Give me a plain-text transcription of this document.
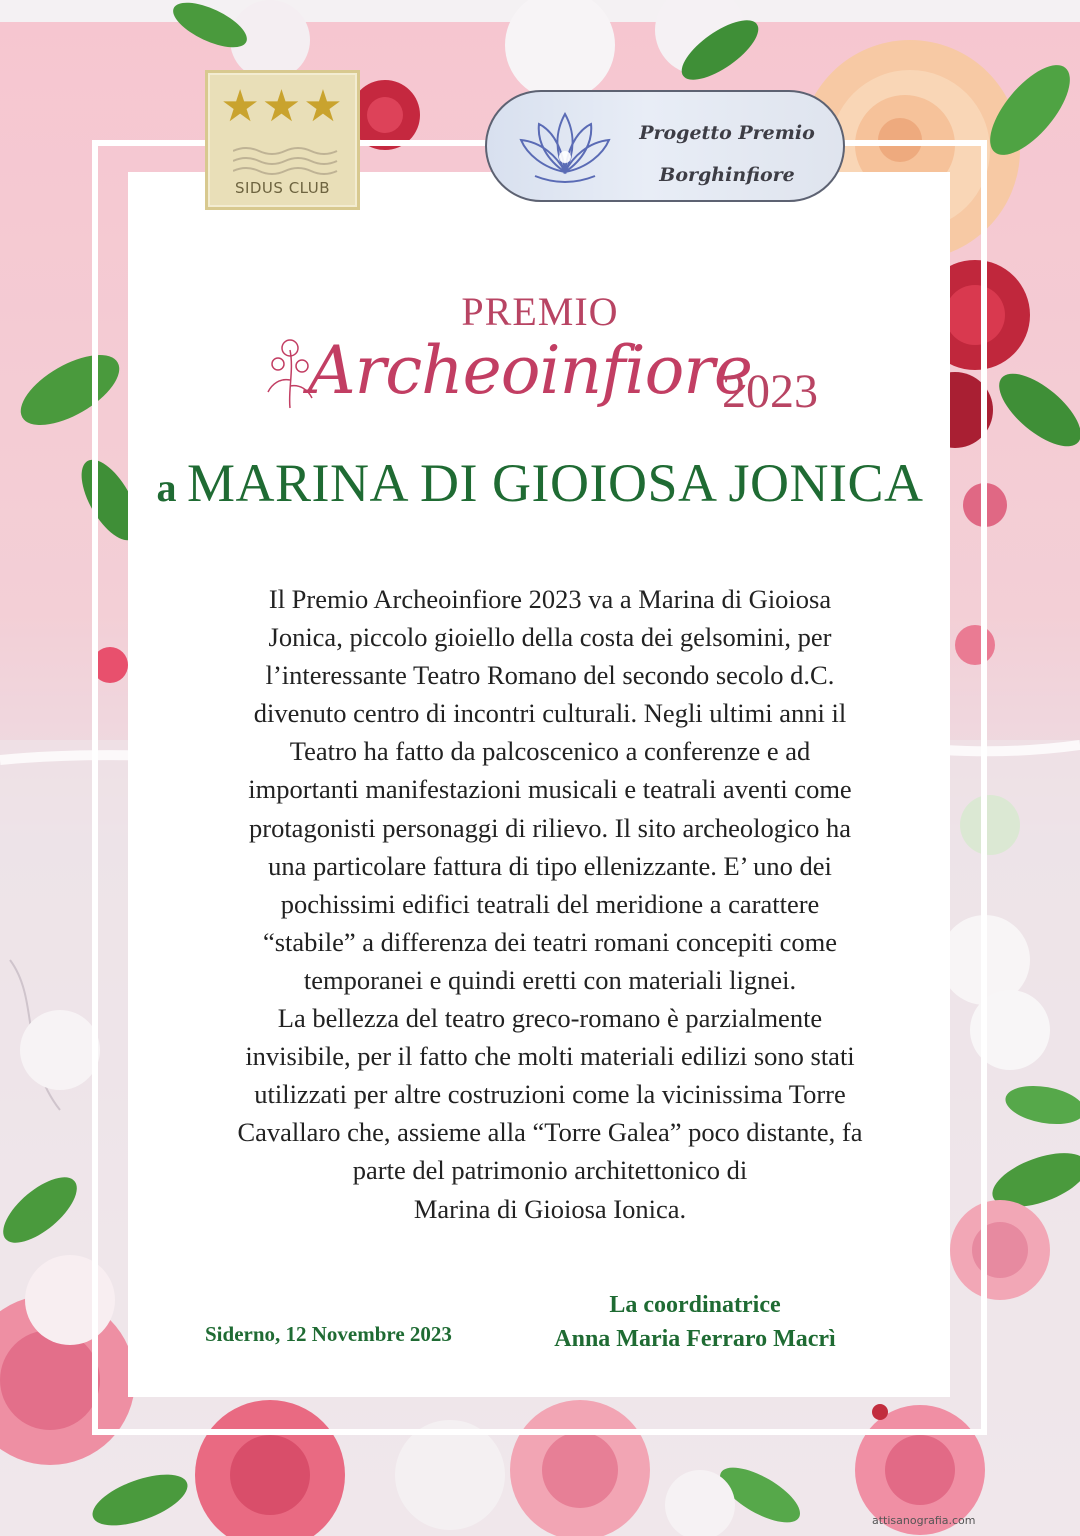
★★★
SIDUS CLUB
Progetto Premio
Borghinfiore
PREMIO
Archeoinfiore
2023
a MARINA DI GIOIOSA JONICA
Il Premio Archeoinfiore 2023 va a Marina di Gioiosa
Jonica, piccolo gioiello della costa dei gelsomini, per
l’interessante Teatro Romano del secondo secolo d.C.
divenuto centro di incontri culturali. Negli ultimi anni il
Teatro ha fatto da palcoscenico a conferenze e ad
importanti manifestazioni musicali e teatrali aventi come
protagonisti personaggi di rilievo. Il sito archeologico ha
una particolare fattura di tipo ellenizzante. E’ uno dei
pochissimi edifici teatrali del meridione a carattere
“stabile” a differenza dei teatri romani concepiti come
temporanei e quindi eretti con materiali lignei.
La bellezza del teatro greco-romano è parzialmente
invisibile, per il fatto che molti materiali edilizi sono stati
utilizzati per altre costruzioni come la vicinissima Torre
Cavallaro che, assieme alla “Torre Galea” poco distante, fa
parte del patrimonio architettonico di
Marina di Gioiosa Ionica.
Siderno, 12 Novembre 2023
La coordinatrice
Anna Maria Ferraro Macrì
attisanografia.com
